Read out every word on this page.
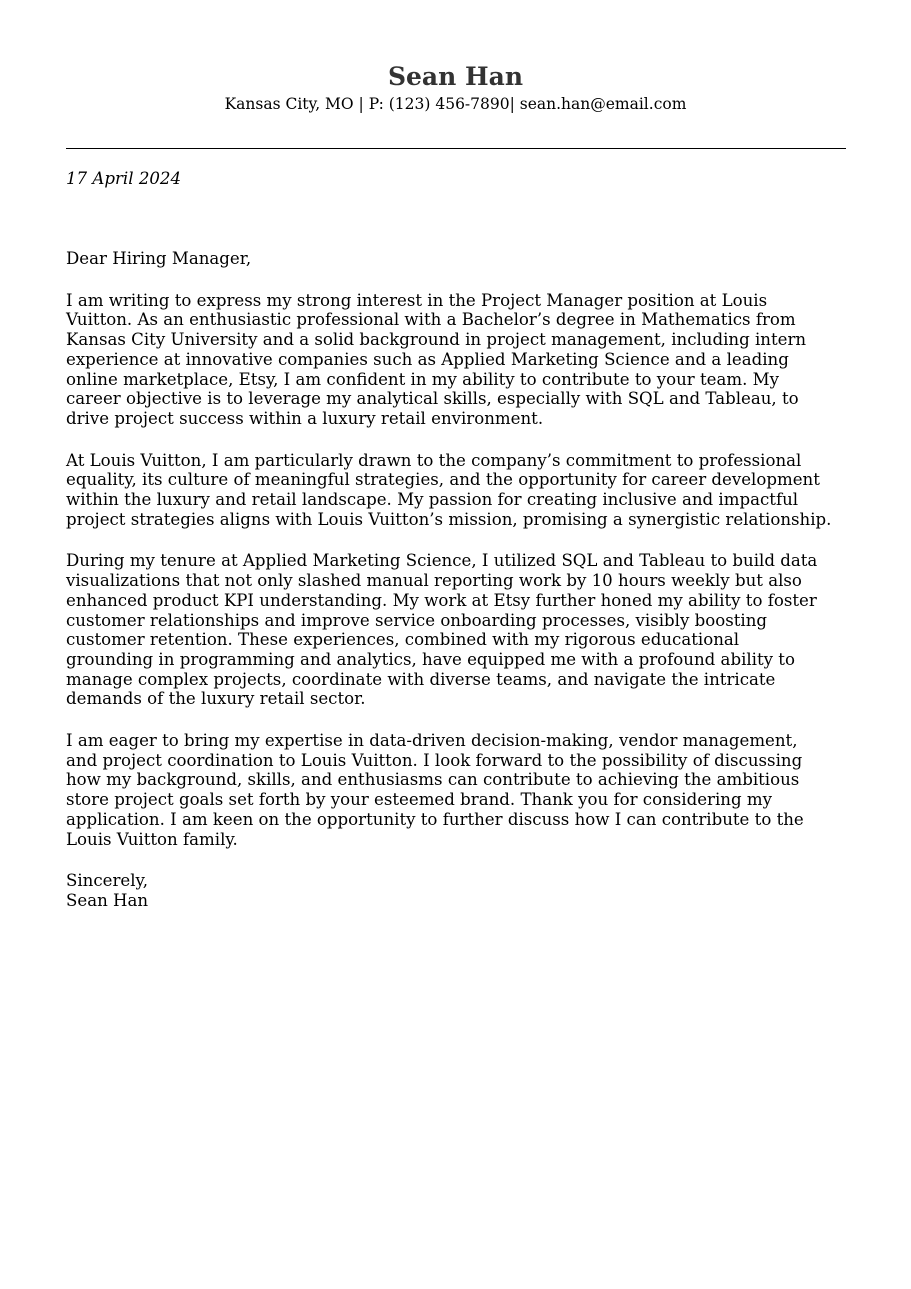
Sean Han
Kansas City, MO | P: (123) 456-7890| sean.han@email.com
17 April 2024
Dear Hiring Manager,
I am writing to express my strong interest in the Project Manager position at Louis
Vuitton. As an enthusiastic professional with a Bachelor’s degree in Mathematics from
Kansas City University and a solid background in project management, including intern
experience at innovative companies such as Applied Marketing Science and a leading
online marketplace, Etsy, I am confident in my ability to contribute to your team. My
career objective is to leverage my analytical skills, especially with SQL and Tableau, to
drive project success within a luxury retail environment.
At Louis Vuitton, I am particularly drawn to the company’s commitment to professional
equality, its culture of meaningful strategies, and the opportunity for career development
within the luxury and retail landscape. My passion for creating inclusive and impactful
project strategies aligns with Louis Vuitton’s mission, promising a synergistic relationship.
During my tenure at Applied Marketing Science, I utilized SQL and Tableau to build data
visualizations that not only slashed manual reporting work by 10 hours weekly but also
enhanced product KPI understanding. My work at Etsy further honed my ability to foster
customer relationships and improve service onboarding processes, visibly boosting
customer retention. These experiences, combined with my rigorous educational
grounding in programming and analytics, have equipped me with a profound ability to
manage complex projects, coordinate with diverse teams, and navigate the intricate
demands of the luxury retail sector.
I am eager to bring my expertise in data-driven decision-making, vendor management,
and project coordination to Louis Vuitton. I look forward to the possibility of discussing
how my background, skills, and enthusiasms can contribute to achieving the ambitious
store project goals set forth by your esteemed brand. Thank you for considering my
application. I am keen on the opportunity to further discuss how I can contribute to the
Louis Vuitton family.
Sincerely,
Sean Han
